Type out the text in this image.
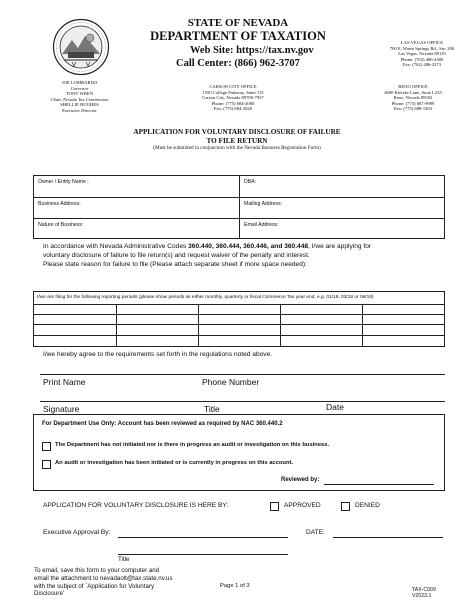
STATE OF NEVADA
DEPARTMENT OF TAXATION
Web Site: https://tax.nv.gov
Call Center: (866) 962-3707
LAS VEGAS OFFICE
700 E. Warm Springs Rd., Ste. 200
Las Vegas, Nevada 89119
Phone: (702) 486-2300
Fax: (702) 486-2373
JOE LOMBARDO
Governor
TONY WREN
Chair, Nevada Tax Commission
SHELLIE HUGHES
Executive Director
CARSON CITY OFFICE
1550 College Parkway, Suite 115
Carson City, Nevada 89706-7937
Phone: (775) 684-2000
Fax: (775) 684-2020
RENO OFFICE
4600 Kietzke Lane, Suite L235
Reno, Nevada 89502
Phone: (775) 687-9999
Fax: (775) 688-1303
APPLICATION FOR VOLUNTARY DISCLOSURE OF FAILURE
TO FILE RETURN
(Must be submitted in conjunction with the Nevada Business Registration Form)
Owner / Entity Name :	DBA:
Business Address:	Mailing Address:
Nature of Business:	Email Address:
In accordance with Nevada Administrative Codes 360.440, 360.444, 360.446, and 360.448, I/we are applying for
voluntary disclosure of failure to file return(s) and request waiver of the penalty and interest.
Please state reason for failure to file (Please attach separate sheet if more space needed):
I/we are filing for the following reporting periods (please show periods as either monthly, quarterly or fiscal Commerce Tax year end, e.g. 01/18, 03/18 or 06/18)
I/we hereby agree to the requirements set forth in the regulations noted above.
Print Name	Phone Number
Signature	Title	Date
For Department Use Only: Account has been reviewed as required by NAC 360.440.2
The Department has not initiated nor is there in progress an audit or investigation on this business.
An audit or investigation has been initiated or is currently in progress on this account.
Reviewed by:
APPLICATION FOR VOLUNTARY DISCLOSURE IS HERE BY:	APPROVED	DENIED
Executive Approval By:	DATE:
Title
To email, save this form to your computer and
email the attachment to nevadaolt@tax.state.nv.us
with the subject of `Application for Voluntary
Disclosure'
Page 1 of 3
TAX-C009
V2023.1
